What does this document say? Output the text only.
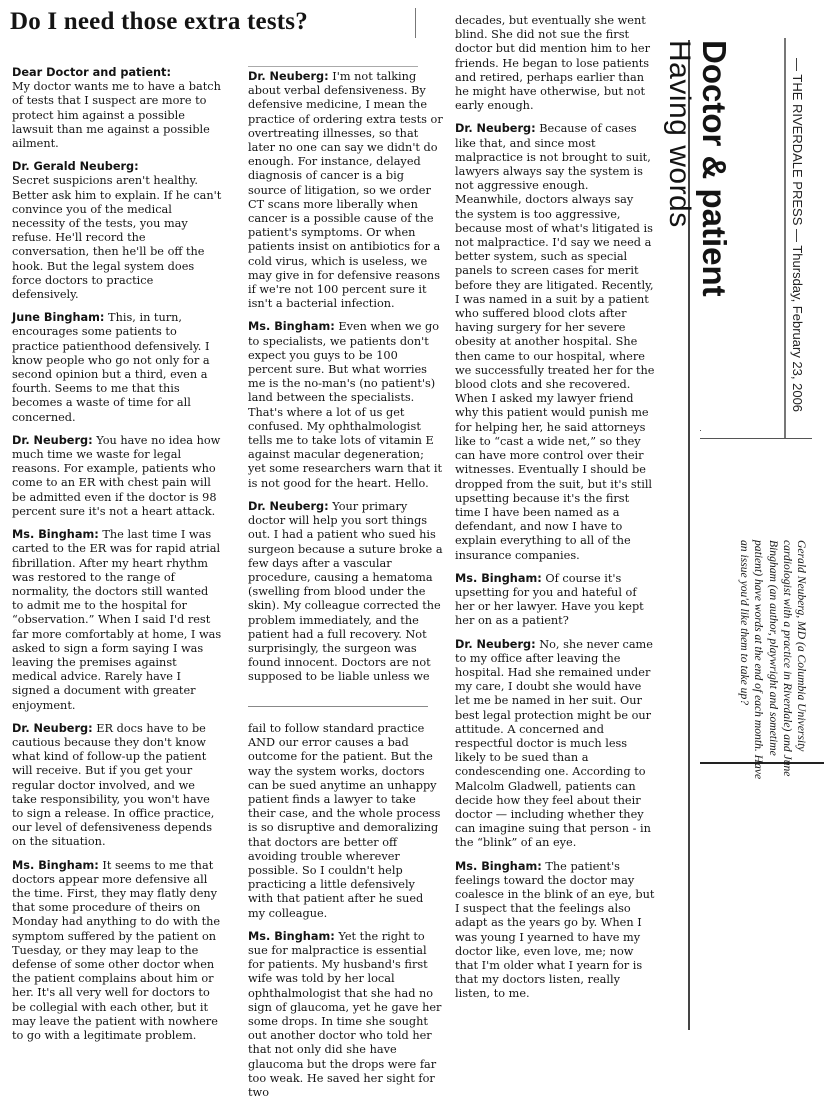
Do I need those extra tests?

Dear Doctor and patient:
My doctor wants me to have a batch of tests that I suspect are more to protect him against a possible lawsuit than me against a possible ailment.

Dr. Gerald Neuberg:
Secret suspicions aren't healthy. Better ask him to explain. If he can't convince you of the medical necessity of the tests, you may refuse. He'll record the conversation, then he'll be off the hook. But the legal system does force doctors to practice defensively.

June Bingham: This, in turn, encourages some patients to practice patienthood defensively. I know people who go not only for a second opinion but a third, even a fourth. Seems to me that this becomes a waste of time for all concerned.

Dr. Neuberg: You have no idea how much time we waste for legal reasons. For example, patients who come to an ER with chest pain will be admitted even if the doctor is 98 percent sure it's not a heart attack.

Ms. Bingham: The last time I was carted to the ER was for rapid atrial fibrillation. After my heart rhythm was restored to the range of normality, the doctors still wanted to admit me to the hospital for “observation.” When I said I'd rest far more comfortably at home, I was asked to sign a form saying I was leaving the premises against medical advice. Rarely have I signed a document with greater enjoyment.

Dr. Neuberg: ER docs have to be cautious because they don't know what kind of follow-up the patient will receive. But if you get your regular doctor involved, and we take responsibility, you won't have to sign a release. In office practice, our level of defensiveness depends on the situation.

Ms. Bingham: It seems to me that doctors appear more defensive all the time. First, they may flatly deny that some procedure of theirs on Monday had anything to do with the symptom suffered by the patient on Tuesday, or they may leap to the defense of some other doctor when the patient complains about him or her. It's all very well for doctors to be collegial with each other, but it may leave the patient with nowhere to go with a legitimate problem.

Dr. Neuberg: I'm not talking about verbal defensiveness. By defensive medicine, I mean the practice of ordering extra tests or overtreating illnesses, so that later no one can say we didn't do enough. For instance, delayed diagnosis of cancer is a big source of litigation, so we order CT scans more liberally when cancer is a possible cause of the patient's symptoms. Or when patients insist on antibiotics for a cold virus, which is useless, we may give in for defensive reasons if we're not 100 percent sure it isn't a bacterial infection.

Ms. Bingham: Even when we go to specialists, we patients don't expect you guys to be 100 percent sure. But what worries me is the no-man's (no patient's) land between the specialists. That's where a lot of us get confused. My ophthalmologist tells me to take lots of vitamin E against macular degeneration; yet some researchers warn that it is not good for the heart. Hello.

Dr. Neuberg: Your primary doctor will help you sort things out. I had a patient who sued his surgeon because a suture broke a few days after a vascular procedure, causing a hematoma (swelling from blood under the skin). My colleague corrected the problem immediately, and the patient had a full recovery. Not surprisingly, the surgeon was found innocent. Doctors are not supposed to be liable unless we

fail to follow standard practice AND our error causes a bad outcome for the patient. But the way the system works, doctors can be sued anytime an unhappy patient finds a lawyer to take their case, and the whole process is so disruptive and demoralizing that doctors are better off avoiding trouble wherever possible. So I couldn't help practicing a little defensively with that patient after he sued my colleague.

Ms. Bingham: Yet the right to sue for malpractice is essential for patients. My husband's first wife was told by her local ophthalmologist that she had no sign of glaucoma, yet he gave her some drops. In time she sought out another doctor who told her that not only did she have glaucoma but the drops were far too weak. He saved her sight for two

decades, but eventually she went blind. She did not sue the first doctor but did mention him to her friends. He began to lose patients and retired, perhaps earlier than he might have otherwise, but not early enough.

Dr. Neuberg: Because of cases like that, and since most malpractice is not brought to suit, lawyers always say the system is not aggressive enough. Meanwhile, doctors always say the system is too aggressive, because most of what's litigated is not malpractice. I'd say we need a better system, such as special panels to screen cases for merit before they are litigated. Recently, I was named in a suit by a patient who suffered blood clots after having surgery for her severe obesity at another hospital. She then came to our hospital, where we successfully treated her for the blood clots and she recovered. When I asked my lawyer friend why this patient would punish me for helping her, he said attorneys like to “cast a wide net,” so they can have more control over their witnesses. Eventually I should be dropped from the suit, but it's still upsetting because it's the first time I have been named as a defendant, and now I have to explain everything to all of the insurance companies.

Ms. Bingham: Of course it's upsetting for you and hateful of her or her lawyer. Have you kept her on as a patient?

Dr. Neuberg: No, she never came to my office after leaving the hospital. Had she remained under my care, I doubt she would have let me be named in her suit. Our best legal protection might be our attitude. A concerned and respectful doctor is much less likely to be sued than a condescending one. According to Malcolm Gladwell, patients can decide how they feel about their doctor — including whether they can imagine suing that person - in the “blink” of an eye.

Ms. Bingham: The patient's feelings toward the doctor may coalesce in the blink of an eye, but I suspect that the feelings also adapt as the years go by. When I was young I yearned to have my doctor like, even love, me; now that I'm older what I yearn for is that my doctors listen, really listen, to me.

Doctor & patient
Having words	— THE RIVERDALE PRESS — Thursday, February 23, 2006
Gerald Neuberg, MD (a Columbia University cardiologist with a practice in Riverdale) and June Bingham (an author, playwright and sometime patient) have words at the end of each month. Have an issue you'd like them to take up?
